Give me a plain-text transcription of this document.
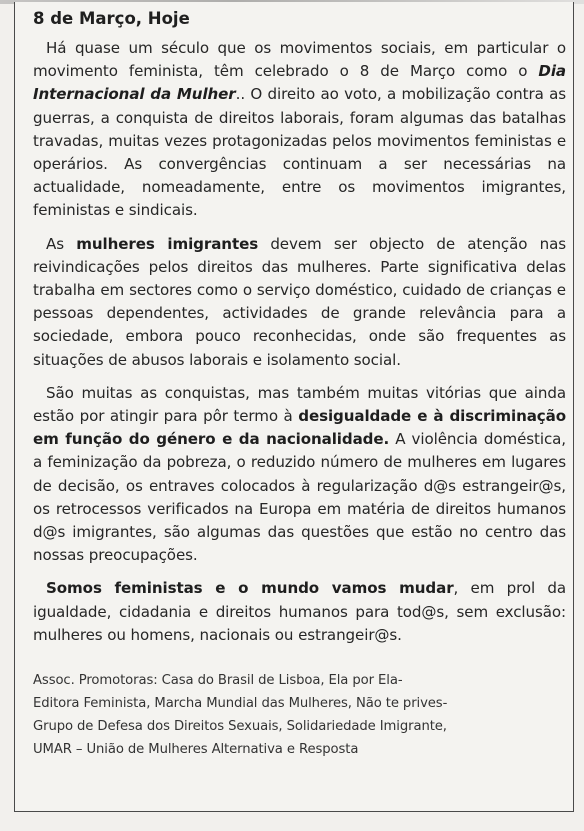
8 de Março, Hoje

Há quase um século que os movimentos sociais, em particular o movimento feminista, têm celebrado o 8 de Março como o Dia Internacional da Mulher.. O direito ao voto, a mobilização contra as guerras, a conquista de direitos laborais, foram algumas das batalhas travadas, muitas vezes protagonizadas pelos movimentos feministas e operários. As convergências continuam a ser necessárias na actualidade, nomeadamente, entre os movimentos imigrantes, feministas e sindicais.

As mulheres imigrantes devem ser objecto de atenção nas reivindicações pelos direitos das mulheres. Parte significativa delas trabalha em sectores como o serviço doméstico, cuidado de crianças e pessoas dependentes, actividades de grande relevância para a sociedade, embora pouco reconhecidas, onde são frequentes as situações de abusos laborais e isolamento social.

São muitas as conquistas, mas também muitas vitórias que ainda estão por atingir para pôr termo à desigualdade e à discriminação em função do género e da nacionalidade. A violência doméstica, a feminização da pobreza, o reduzido número de mulheres em lugares de decisão, os entraves colocados à regularização d@s estrangeir@s, os retrocessos verificados na Europa em matéria de direitos humanos d@s imigrantes, são algumas das questões que estão no centro das nossas preocupações.

Somos feministas e o mundo vamos mudar, em prol da igualdade, cidadania e direitos humanos para tod@s, sem exclusão: mulheres ou homens, nacionais ou estrangeir@s.

Assoc. Promotoras: Casa do Brasil de Lisboa, Ela por Ela-
Editora Feminista, Marcha Mundial das Mulheres, Não te prives-
Grupo de Defesa dos Direitos Sexuais, Solidariedade Imigrante,
UMAR – União de Mulheres Alternativa e Resposta
